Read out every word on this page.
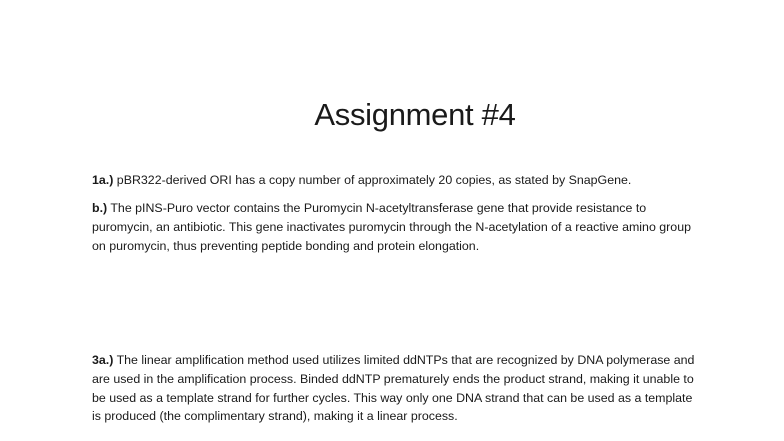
Assignment #4

1a.) pBR322-derived ORI has a copy number of approximately 20 copies, as stated by SnapGene.

b.) The pINS-Puro vector contains the Puromycin N-acetyltransferase gene that provide resistance to puromycin, an antibiotic. This gene inactivates puromycin through the N-acetylation of a reactive amino group on puromycin, thus preventing peptide bonding and protein elongation.

3a.) The linear amplification method used utilizes limited ddNTPs that are recognized by DNA polymerase and are used in the amplification process. Binded ddNTP prematurely ends the product strand, making it unable to be used as a template strand for further cycles. This way only one DNA strand that can be used as a template is produced (the complimentary strand), making it a linear process.
